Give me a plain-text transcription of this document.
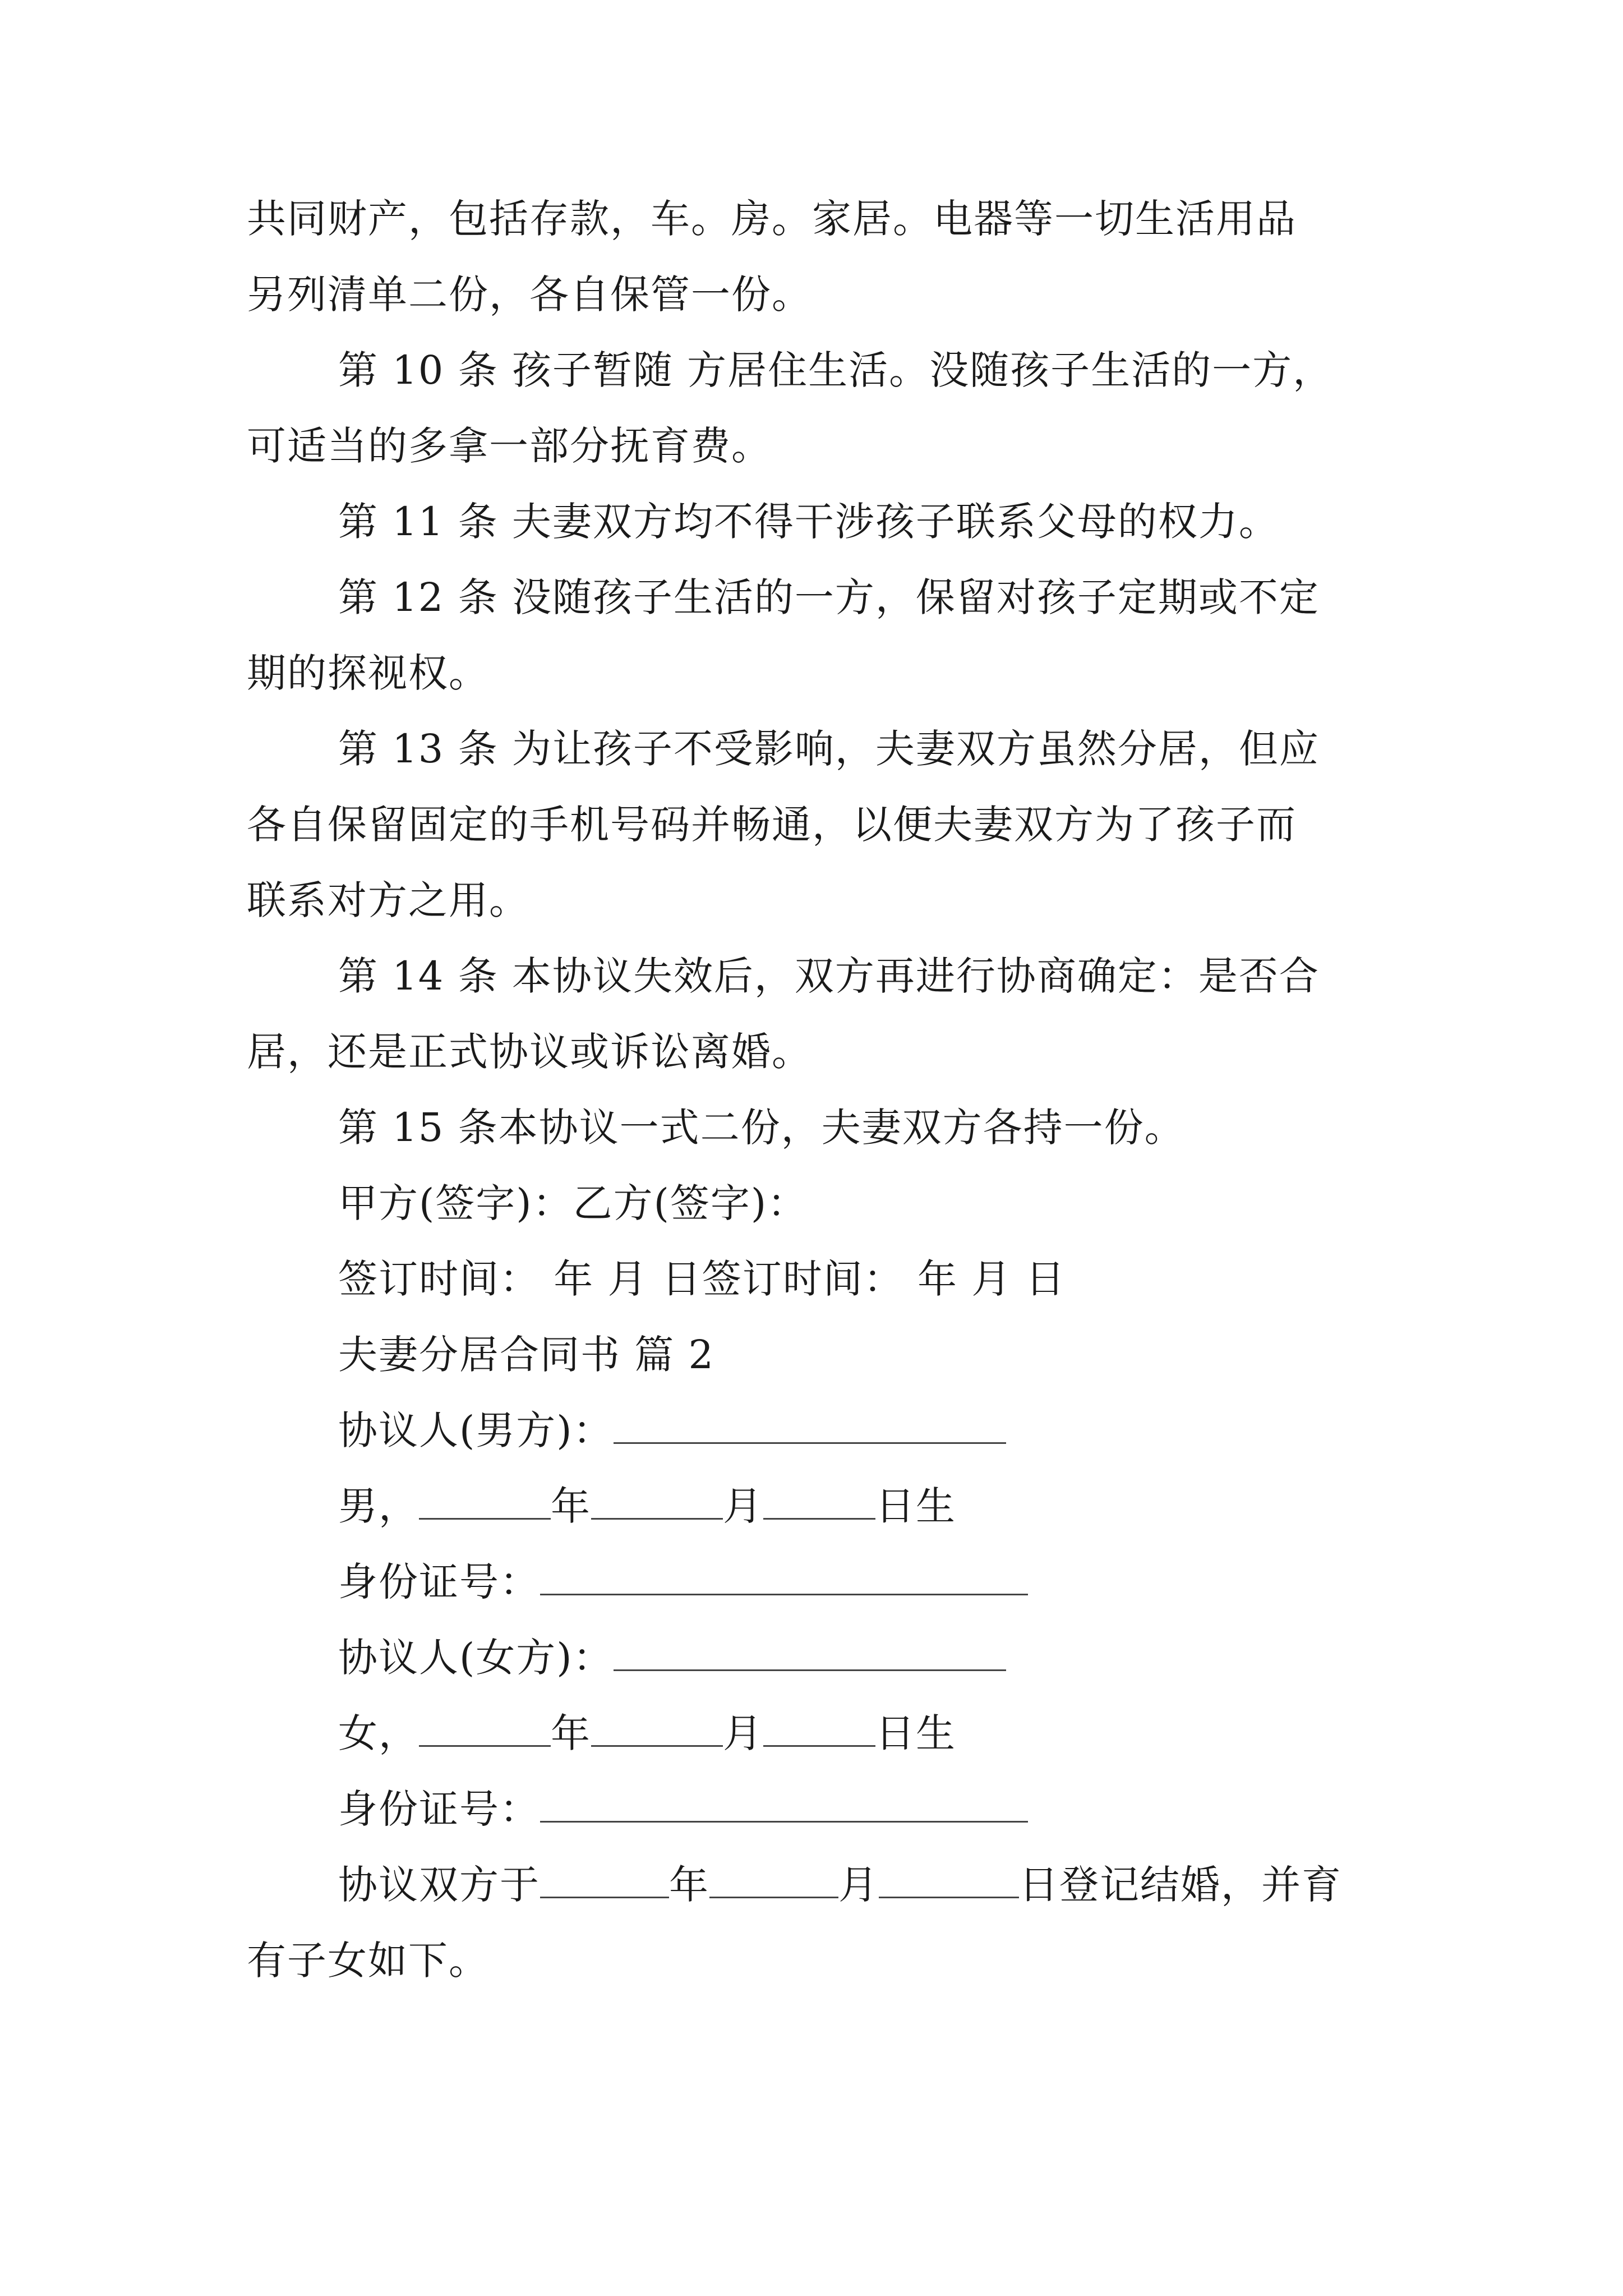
共同财产，包括存款，车。房。家居。电器等一切生活用品
另列清单二份，各自保管一份。
第 10 条 孩子暂随 方居住生活。没随孩子生活的一方，
可适当的多拿一部分抚育费。
第 11 条 夫妻双方均不得干涉孩子联系父母的权力。
第 12 条 没随孩子生活的一方，保留对孩子定期或不定
期的探视权。
第 13 条 为让孩子不受影响，夫妻双方虽然分居，但应
各自保留固定的手机号码并畅通，以便夫妻双方为了孩子而
联系对方之用。
第 14 条 本协议失效后，双方再进行协商确定：是否合
居，还是正式协议或诉讼离婚。
第 15 条本协议一式二份，夫妻双方各持一份。
甲方(签字)：乙方(签字)：
签订时间： 年 月 日签订时间： 年 月 日
夫妻分居合同书 篇 2
协议人(男方)：
男，	年	月	日生
身份证号：
协议人(女方)：
女，	年	月	日生
身份证号：
协议双方于	年	月	日登记结婚，并育
有子女如下。
